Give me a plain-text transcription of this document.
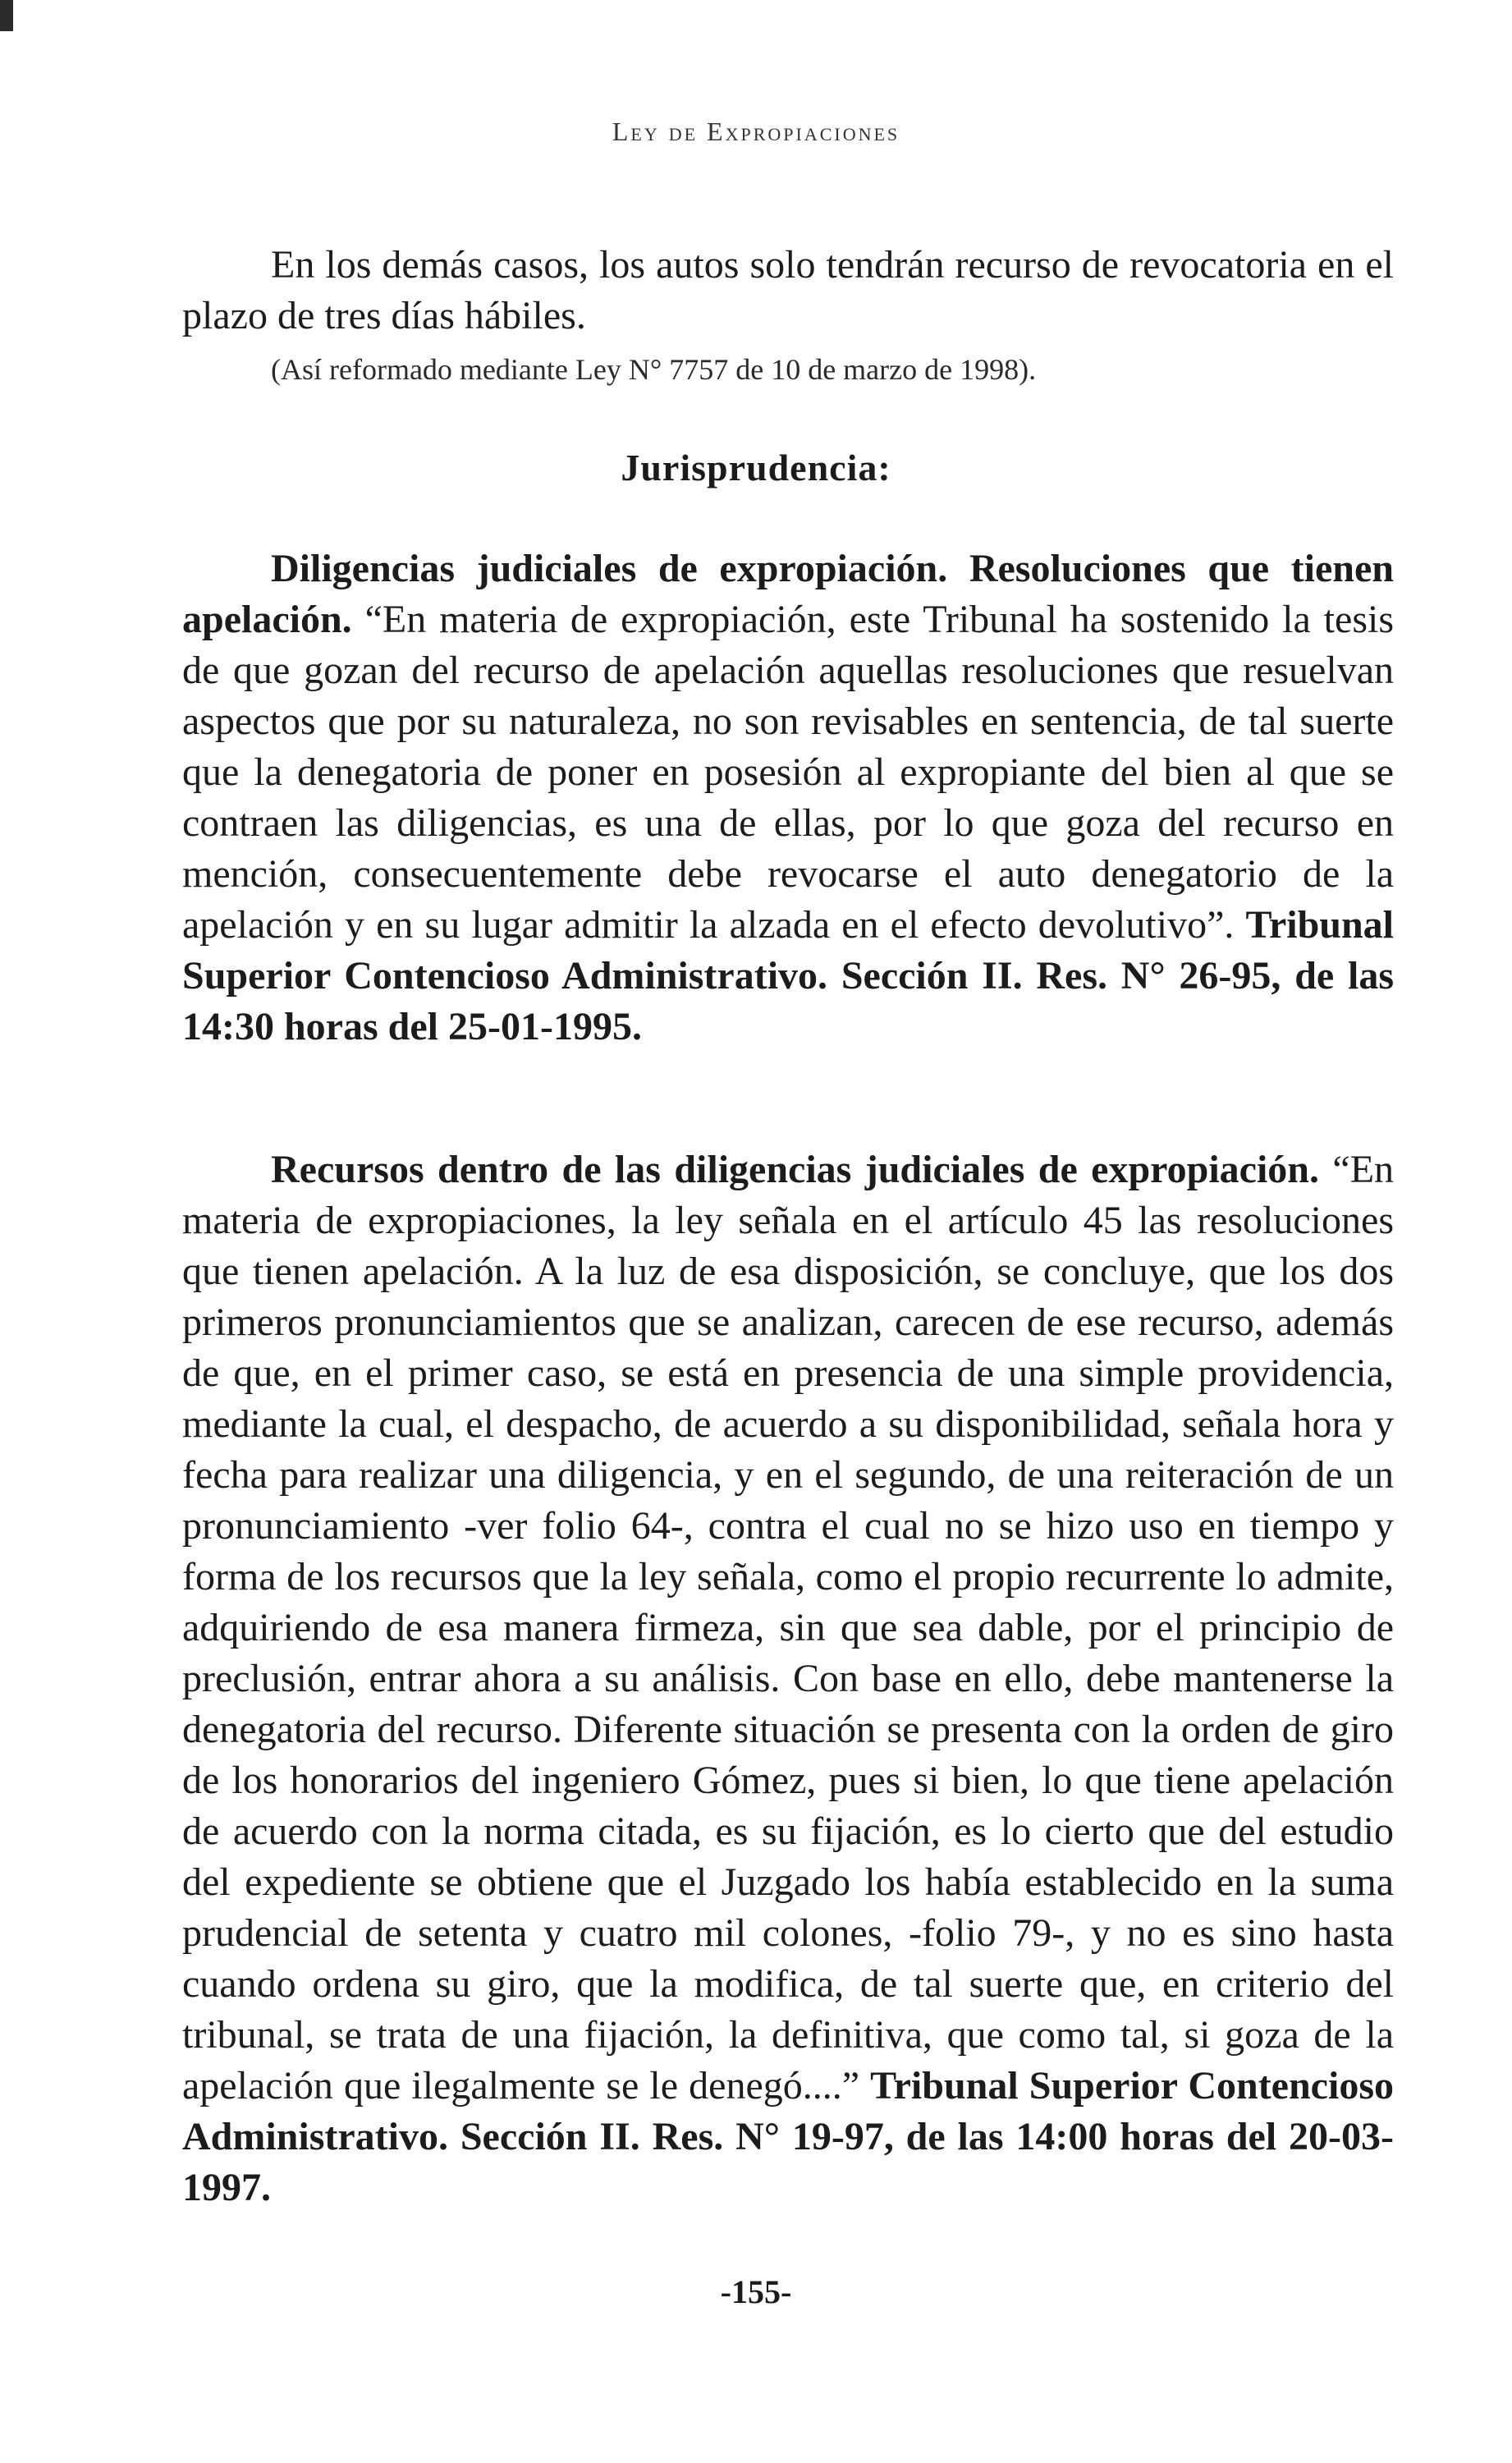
Ley de Expropiaciones
En los demás casos, los autos solo tendrán recurso de revocatoria en el plazo de tres días hábiles.
(Así reformado mediante Ley N° 7757 de 10 de marzo de 1998).
Jurisprudencia:
Diligencias judiciales de expropiación. Resoluciones que tienen apelación. “En materia de expropiación, este Tribunal ha sostenido la tesis de que gozan del recurso de apelación aquellas resoluciones que resuelvan aspectos que por su naturaleza, no son revisables en sentencia, de tal suerte que la denegatoria de poner en posesión al expropiante del bien al que se contraen las diligencias, es una de ellas, por lo que goza del recurso en mención, consecuentemente debe revocarse el auto denegatorio de la apelación y en su lugar admitir la alzada en el efecto devolutivo”. Tribunal Superior Contencioso Administrativo. Sección II. Res. N° 26-95, de las 14:30 horas del 25-01-1995.
Recursos dentro de las diligencias judiciales de expropiación. “En materia de expropiaciones, la ley señala en el artículo 45 las resoluciones que tienen apelación. A la luz de esa disposición, se concluye, que los dos primeros pronunciamientos que se analizan, carecen de ese recurso, además de que, en el primer caso, se está en presencia de una simple providencia, mediante la cual, el despacho, de acuerdo a su disponibilidad, señala hora y fecha para realizar una diligencia, y en el segundo, de una reiteración de un pronunciamiento -ver folio 64-, contra el cual no se hizo uso en tiempo y forma de los recursos que la ley señala, como el propio recurrente lo admite, adquiriendo de esa manera firmeza, sin que sea dable, por el principio de preclusión, entrar ahora a su análisis. Con base en ello, debe mantenerse la denegatoria del recurso. Diferente situación se presenta con la orden de giro de los honorarios del ingeniero Gómez, pues si bien, lo que tiene apelación de acuerdo con la norma citada, es su fijación, es lo cierto que del estudio del expediente se obtiene que el Juzgado los había establecido en la suma prudencial de setenta y cuatro mil colones, -folio 79-, y no es sino hasta cuando ordena su giro, que la modifica, de tal suerte que, en criterio del tribunal, se trata de una fijación, la definitiva, que como tal, si goza de la apelación que ilegalmente se le denegó....” Tribunal Superior Contencioso Administrativo. Sección II. Res. N° 19-97, de las 14:00 horas del 20-03-1997.
-155-
